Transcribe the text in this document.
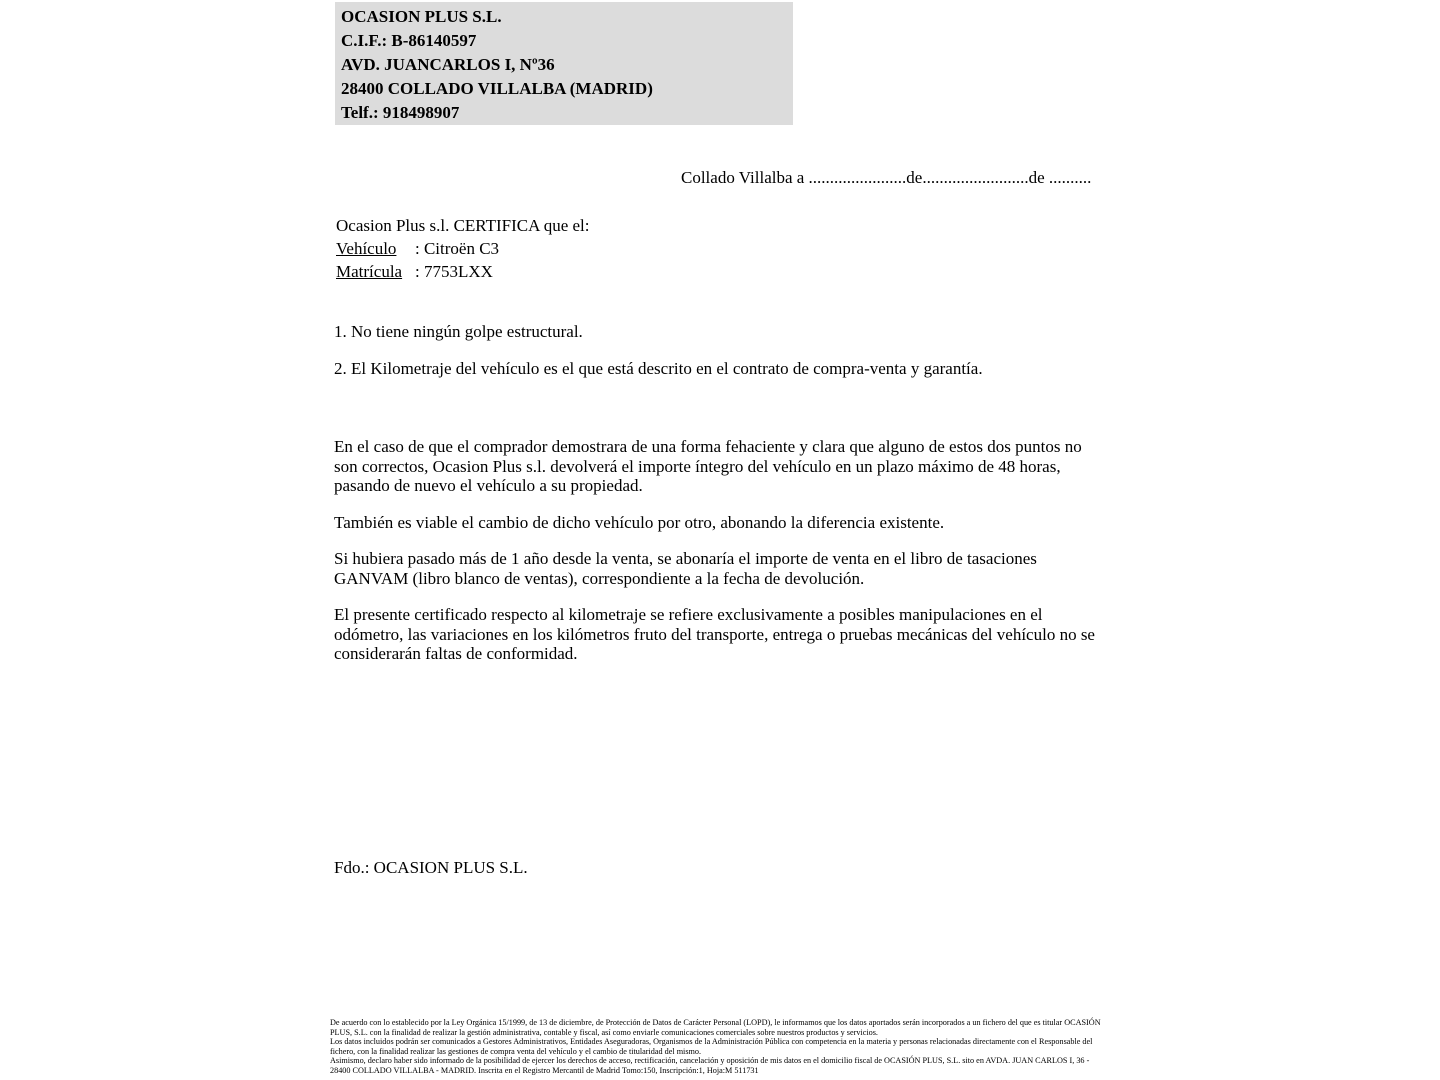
OCASION PLUS S.L.
C.I.F.: B-86140597
AVD. JUANCARLOS I, Nº36
28400 COLLADO VILLALBA (MADRID)
Telf.: 918498907
Collado Villalba a .......................de.........................de ..........
Ocasion Plus s.l. CERTIFICA que el:
Vehículo : Citroën C3
Matrícula : 7753LXX
1. No tiene ningún golpe estructural.
2. El Kilometraje del vehículo es el que está descrito en el contrato de compra-venta y garantía.
En el caso de que el comprador demostrara de una forma fehaciente y clara que alguno de estos dos puntos no son correctos, Ocasion Plus s.l. devolverá el importe íntegro del vehículo en un plazo máximo de 48 horas, pasando de nuevo el vehículo a su propiedad.
También es viable el cambio de dicho vehículo por otro, abonando la diferencia existente.
Si hubiera pasado más de 1 año desde la venta, se abonaría el importe de venta en el libro de tasaciones GANVAM (libro blanco de ventas), correspondiente a la fecha de devolución.
El presente certificado respecto al kilometraje se refiere exclusivamente a posibles manipulaciones en el odómetro, las variaciones en los kilómetros fruto del transporte, entrega o pruebas mecánicas del vehículo no se considerarán faltas de conformidad.
Fdo.: OCASION PLUS S.L.
De acuerdo con lo establecido por la Ley Orgánica 15/1999, de 13 de diciembre, de Protección de Datos de Carácter Personal (LOPD), le informamos que los datos aportados serán incorporados a un fichero del que es titular OCASIÓN PLUS, S.L. con la finalidad de realizar la gestión administrativa, contable y fiscal, así como enviarle comunicaciones comerciales sobre nuestros productos y servicios.
Los datos incluidos podrán ser comunicados a Gestores Administrativos, Entidades Aseguradoras, Organismos de la Administración Pública con competencia en la materia y personas relacionadas directamente con el Responsable del fichero, con la finalidad realizar las gestiones de compra venta del vehículo y el cambio de titularidad del mismo.
Asimismo, declaro haber sido informado de la posibilidad de ejercer los derechos de acceso, rectificación, cancelación y oposición de mis datos en el domicilio fiscal de OCASIÓN PLUS, S.L. sito en AVDA. JUAN CARLOS I, 36 - 28400 COLLADO VILLALBA - MADRID. Inscrita en el Registro Mercantil de Madrid Tomo:150, Inscripción:1, Hoja:M 511731
